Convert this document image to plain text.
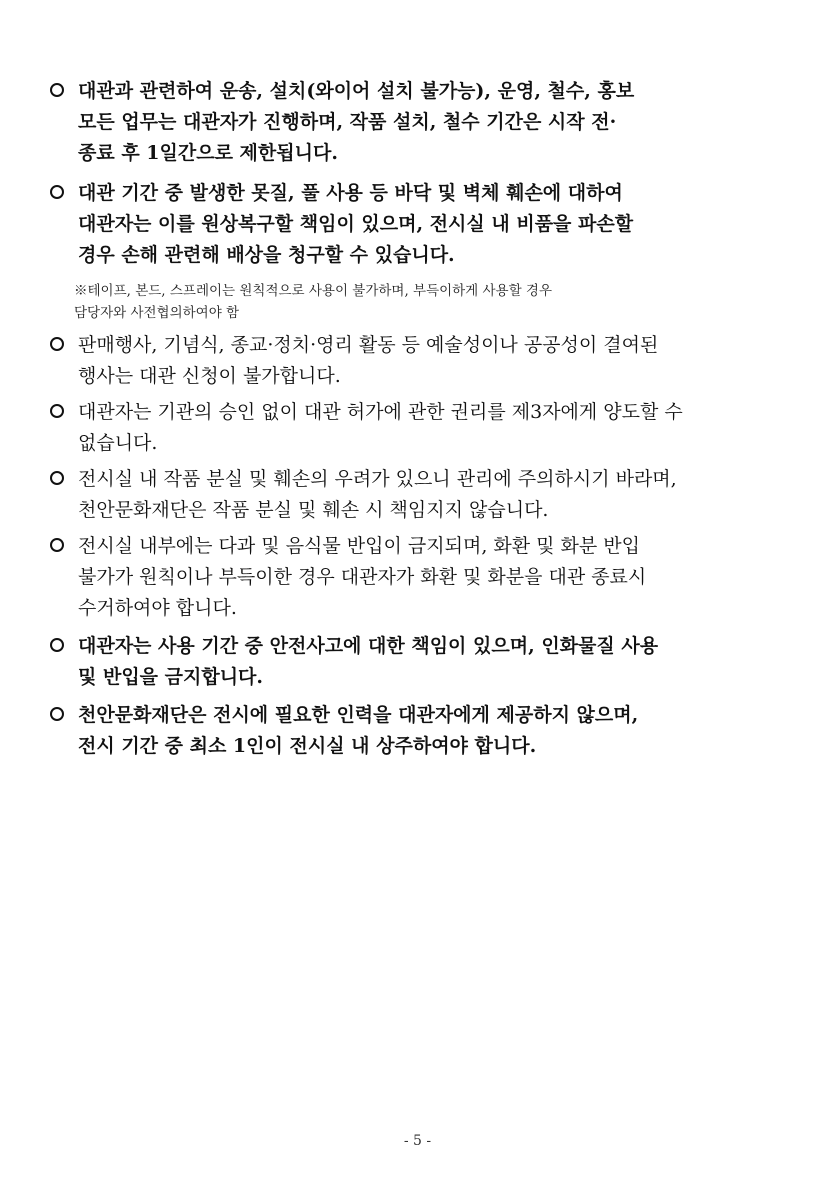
대관과 관련하여 운송, 설치(와이어 설치 불가능), 운영, 철수, 홍보
모든 업무는 대관자가 진행하며, 작품 설치, 철수 기간은 시작 전·
종료 후 1일간으로 제한됩니다.
대관 기간 중 발생한 못질, 풀 사용 등 바닥 및 벽체 훼손에 대하여
대관자는 이를 원상복구할 책임이 있으며, 전시실 내 비품을 파손할
경우 손해 관련해 배상을 청구할 수 있습니다.
※테이프, 본드, 스프레이는 원칙적으로 사용이 불가하며, 부득이하게 사용할 경우
담당자와 사전협의하여야 함
판매행사, 기념식, 종교·정치·영리 활동 등 예술성이나 공공성이 결여된
행사는 대관 신청이 불가합니다.
대관자는 기관의 승인 없이 대관 허가에 관한 권리를 제3자에게 양도할 수
없습니다.
전시실 내 작품 분실 및 훼손의 우려가 있으니 관리에 주의하시기 바라며,
천안문화재단은 작품 분실 및 훼손 시 책임지지 않습니다.
전시실 내부에는 다과 및 음식물 반입이 금지되며, 화환 및 화분 반입
불가가 원칙이나 부득이한 경우 대관자가 화환 및 화분을 대관 종료시
수거하여야 합니다.
대관자는 사용 기간 중 안전사고에 대한 책임이 있으며, 인화물질 사용
및 반입을 금지합니다.
천안문화재단은 전시에 필요한 인력을 대관자에게 제공하지 않으며,
전시 기간 중 최소 1인이 전시실 내 상주하여야 합니다.
- 5 -
